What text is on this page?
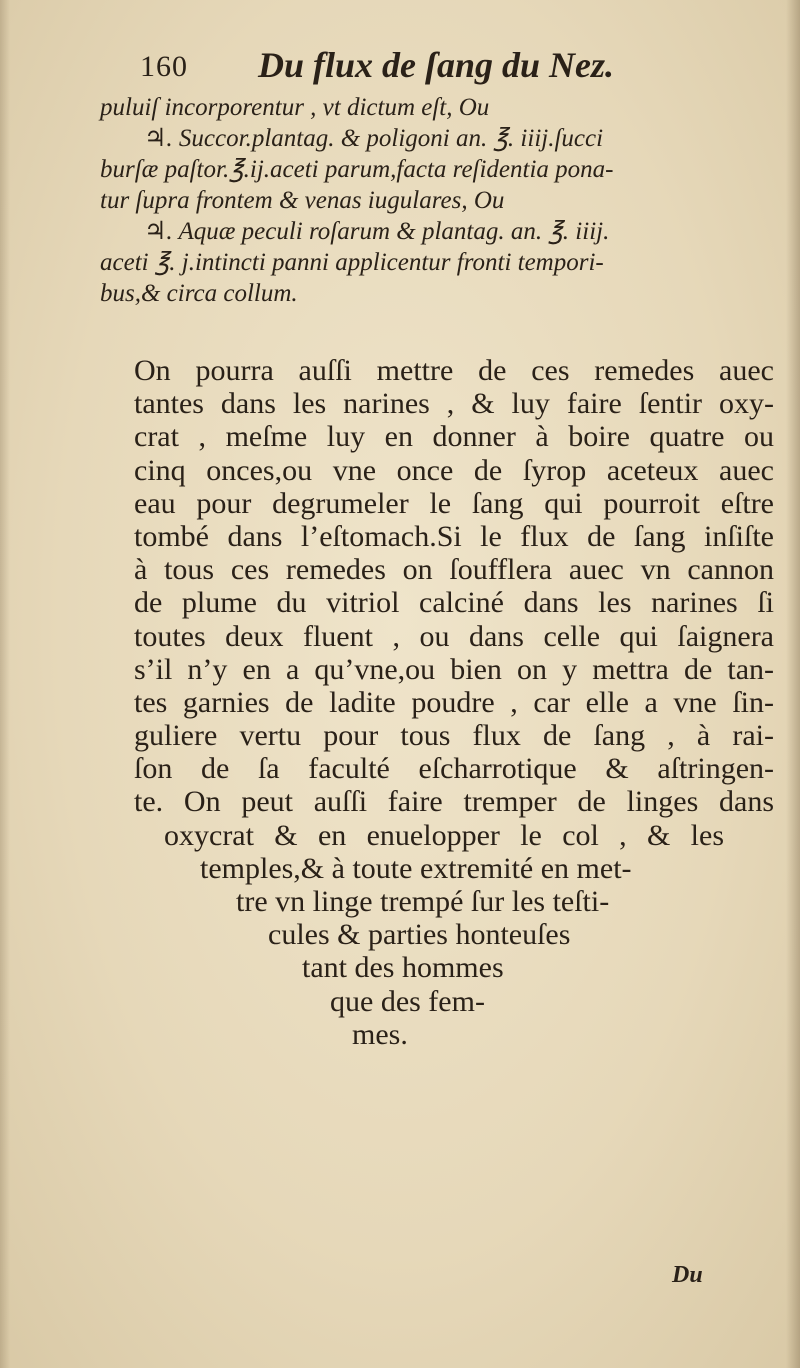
160 Du flux de ſang du Nez.
puluiſ incorporentur , vt dictum eſt, Ou
♃. Succor.plantag. & poligoni an. ℥. iiij.ſucci
burſæ paſtor.℥.ij.aceti parum,facta reſidentia pona-
tur ſupra frontem & venas iugulares, Ou
♃. Aquæ peculi roſarum & plantag. an. ℥. iiij.
aceti ℥. j.intincti panni applicentur fronti tempori-
bus,& circa collum.
On pourra auſſi mettre de ces remedes auec
tantes dans les narines , & luy faire ſentir oxy-
crat , meſme luy en donner à boire quatre ou
cinq onces,ou vne once de ſyrop aceteux auec
eau pour degrumeler le ſang qui pourroit eſtre
tombé dans l’eſtomach.Si le flux de ſang inſiſte
à tous ces remedes on ſoufflera auec vn cannon
de plume du vitriol calciné dans les narines ſi
toutes deux fluent , ou dans celle qui ſaignera
s’il n’y en a qu’vne,ou bien on y mettra de tan-
tes garnies de ladite poudre , car elle a vne ſin-
guliere vertu pour tous flux de ſang , à rai-
ſon de ſa faculté eſcharrotique & aſtringen-
te. On peut auſſi faire tremper de linges dans
oxycrat & en enuelopper le col , & les
temples,& à toute extremité en met-
tre vn linge trempé ſur les teſti-
cules & parties honteuſes
tant des hommes
que des fem-
mes.
Du
